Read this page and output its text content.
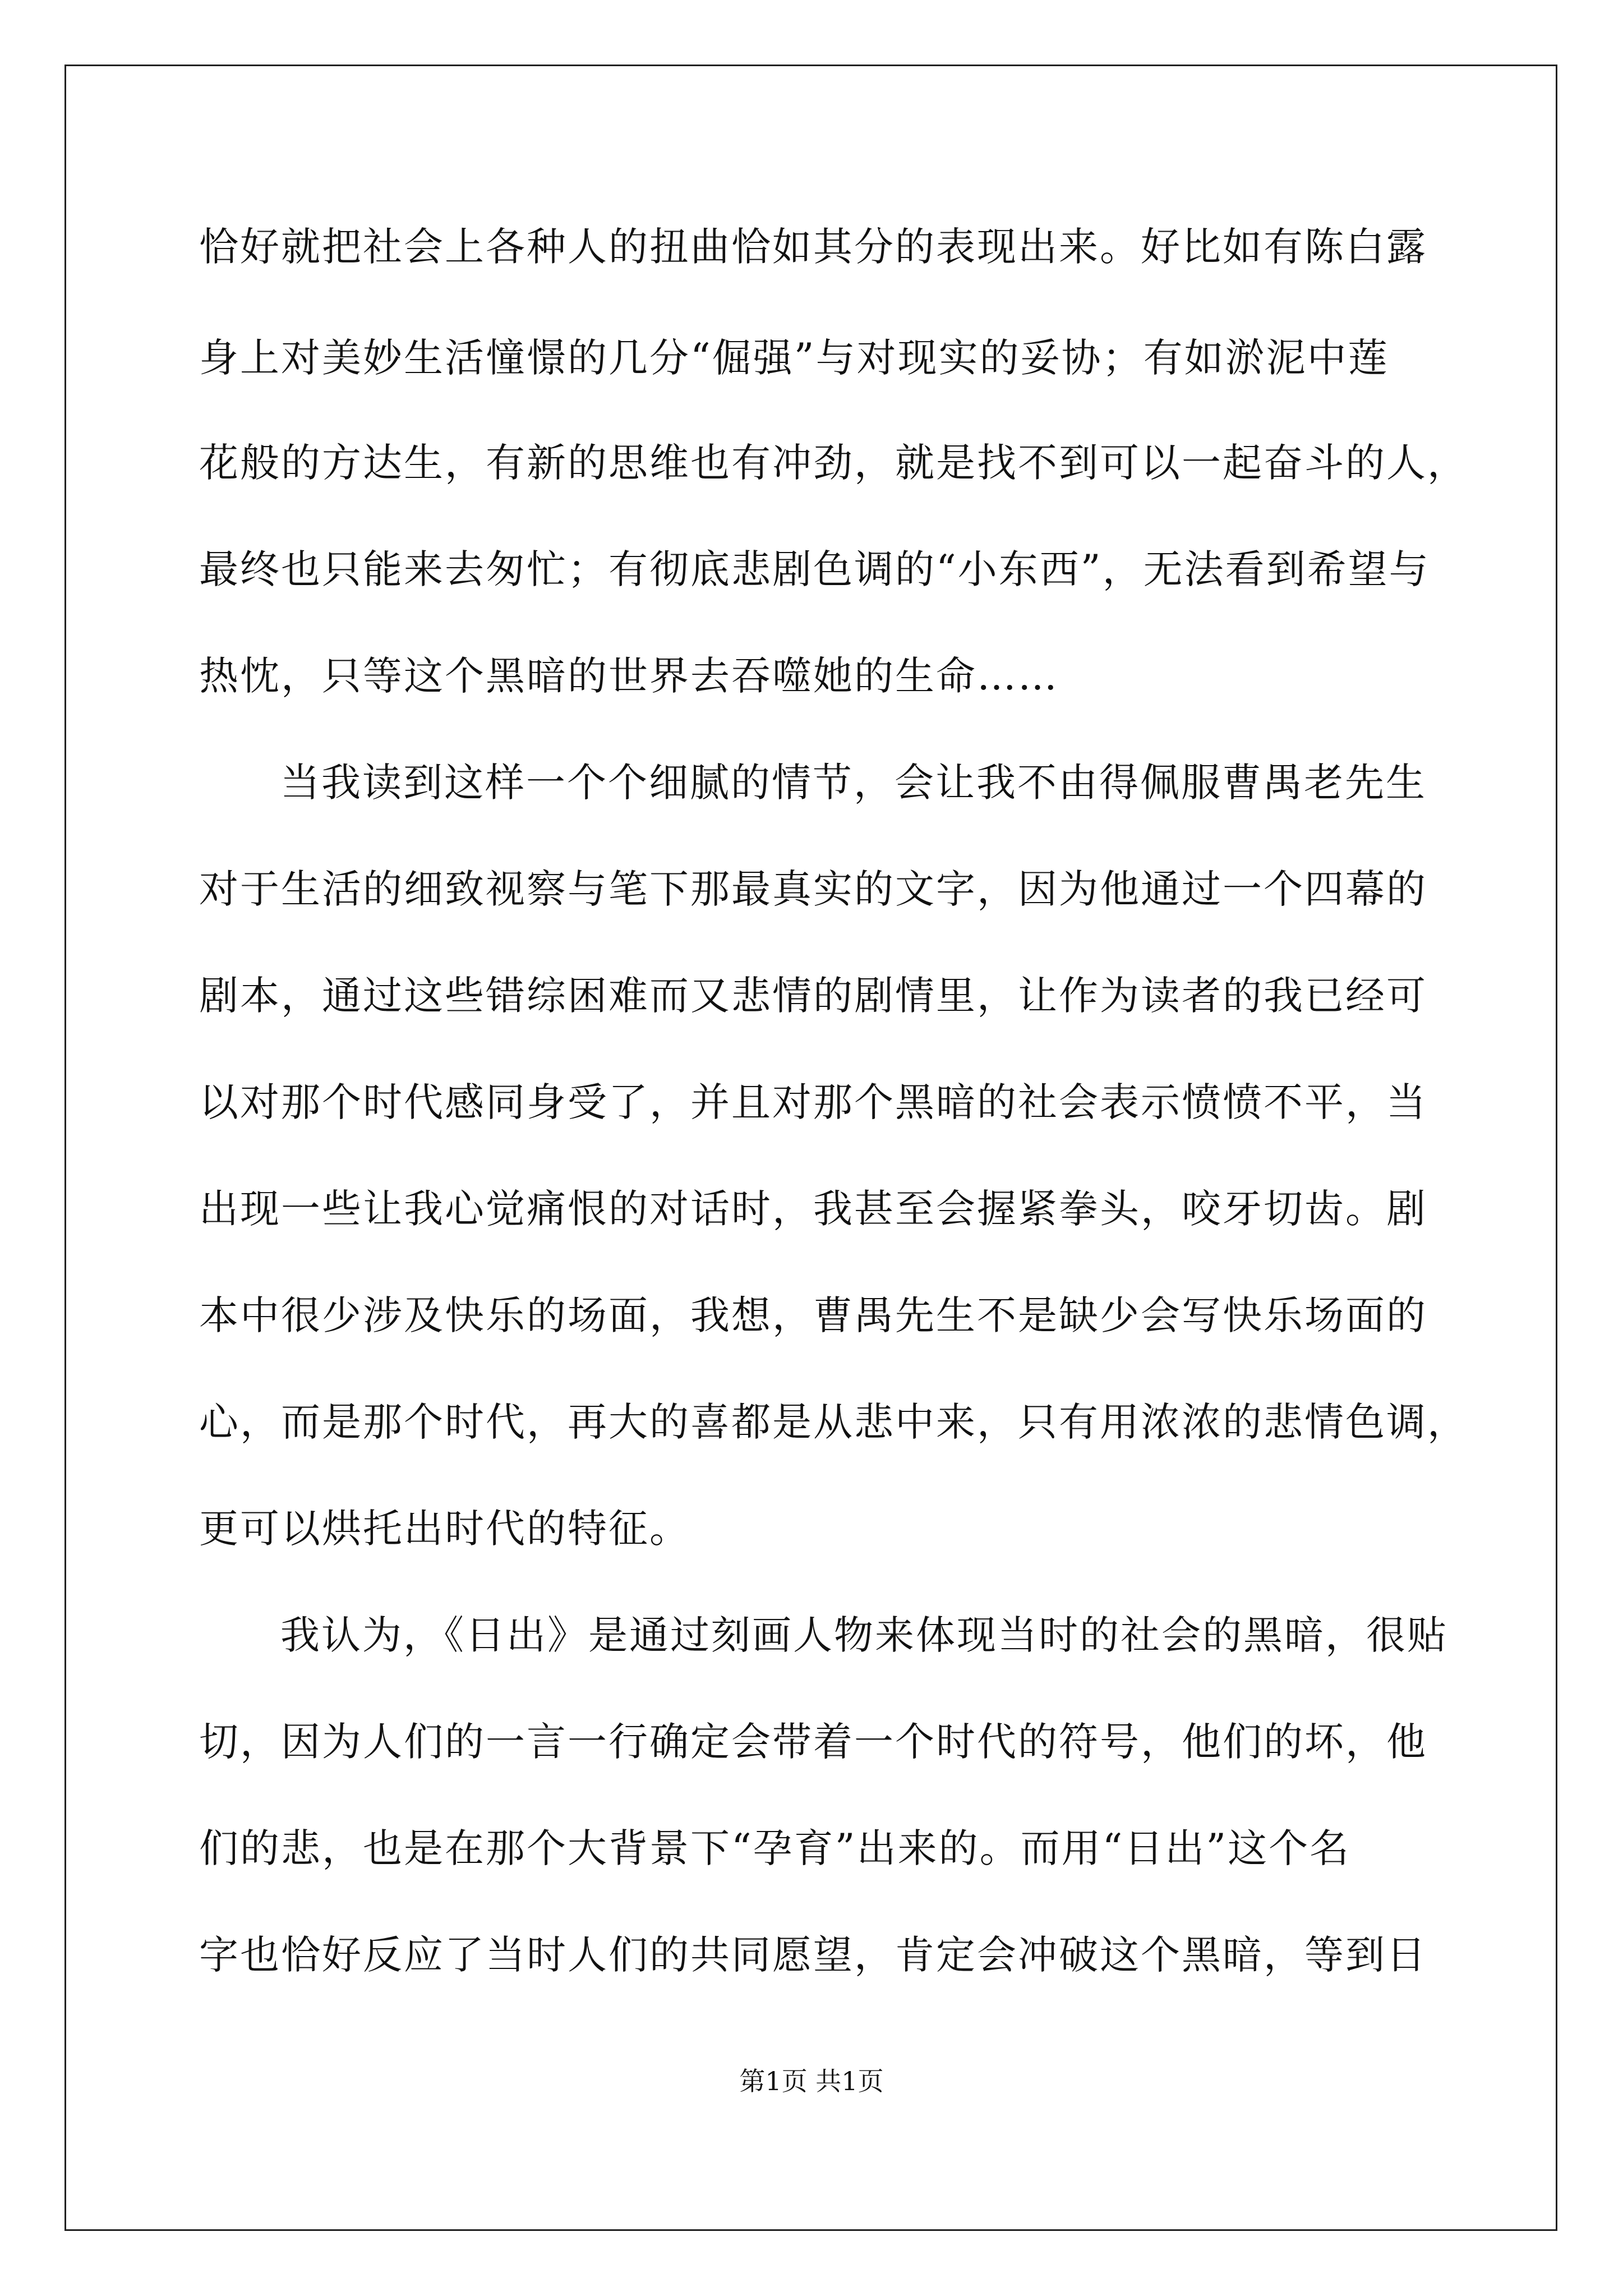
恰好就把社会上各种人的扭曲恰如其分的表现出来。好比如有陈白露
身上对美妙生活憧憬的几分“倔强”与对现实的妥协；有如淤泥中莲
花般的方达生，有新的思维也有冲劲，就是找不到可以一起奋斗的人，
最终也只能来去匆忙；有彻底悲剧色调的“小东西”，无法看到希望与
热忱，只等这个黑暗的世界去吞噬她的生命……
当我读到这样一个个细腻的情节，会让我不由得佩服曹禺老先生
对于生活的细致视察与笔下那最真实的文字，因为他通过一个四幕的
剧本，通过这些错综困难而又悲情的剧情里，让作为读者的我已经可
以对那个时代感同身受了，并且对那个黑暗的社会表示愤愤不平，当
出现一些让我心觉痛恨的对话时，我甚至会握紧拳头，咬牙切齿。剧
本中很少涉及快乐的场面，我想，曹禺先生不是缺少会写快乐场面的
心，而是那个时代，再大的喜都是从悲中来，只有用浓浓的悲情色调，
更可以烘托出时代的特征。
我认为，《日出》是通过刻画人物来体现当时的社会的黑暗，很贴
切，因为人们的一言一行确定会带着一个时代的符号，他们的坏，他
们的悲，也是在那个大背景下“孕育”出来的。而用“日出”这个名
字也恰好反应了当时人们的共同愿望，肯定会冲破这个黑暗，等到日
第1页 共1页
